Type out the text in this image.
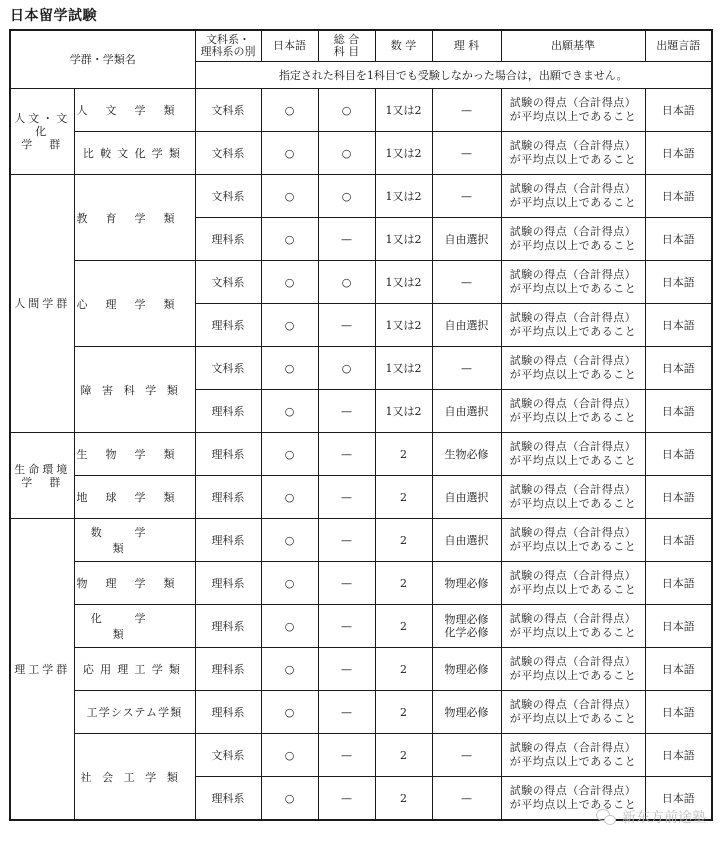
日本留学試験
学群・学類名		文科系・
理科系の別	日本語	総 合
科 目	数 学	理 科	出願基準	出題言語
		指定された科目を1科目でも受験しなかった場合は，出願できません。						
人文・文化
学　群	人文学類	文科系	○	○	1又は2	—	試験の得点（合計得点）
が平均点以上であること	日本語
	比較文化学類	文科系	○	○	1又は2	—	試験の得点（合計得点）
が平均点以上であること	日本語
人間学群	教育学類	文科系	○	○	1又は2	—	試験の得点（合計得点）
が平均点以上であること	日本語
		理科系	○	—	1又は2	自由選択	試験の得点（合計得点）
が平均点以上であること	日本語
	心理学類	文科系	○	○	1又は2	—	試験の得点（合計得点）
が平均点以上であること	日本語
		理科系	○	—	1又は2	自由選択	試験の得点（合計得点）
が平均点以上であること	日本語
	障害科学類	文科系	○	○	1又は2	—	試験の得点（合計得点）
が平均点以上であること	日本語
		理科系	○	—	1又は2	自由選択	試験の得点（合計得点）
が平均点以上であること	日本語
生命環境
学　群	生物学類	理科系	○	—	2	生物必修	試験の得点（合計得点）
が平均点以上であること	日本語
	地球学類	理科系	○	—	2	自由選択	試験の得点（合計得点）
が平均点以上であること	日本語
理工学群	数学類	理科系	○	—	2	自由選択	試験の得点（合計得点）
が平均点以上であること	日本語
	物理学類	理科系	○	—	2	物理必修	試験の得点（合計得点）
が平均点以上であること	日本語
	化学類	理科系	○	—	2	物理必修
化学必修	試験の得点（合計得点）
が平均点以上であること	日本語
	応用理工学類	理科系	○	—	2	物理必修	試験の得点（合計得点）
が平均点以上であること	日本語
	工学システム学類	理科系	○	—	2	物理必修	試験の得点（合計得点）
が平均点以上であること	日本語
	社会工学類	文科系	○	—	2	—	試験の得点（合計得点）
が平均点以上であること	日本語
		理科系	○	—	2	—	試験の得点（合計得点）
が平均点以上であること	日本語
新东方前途塾
